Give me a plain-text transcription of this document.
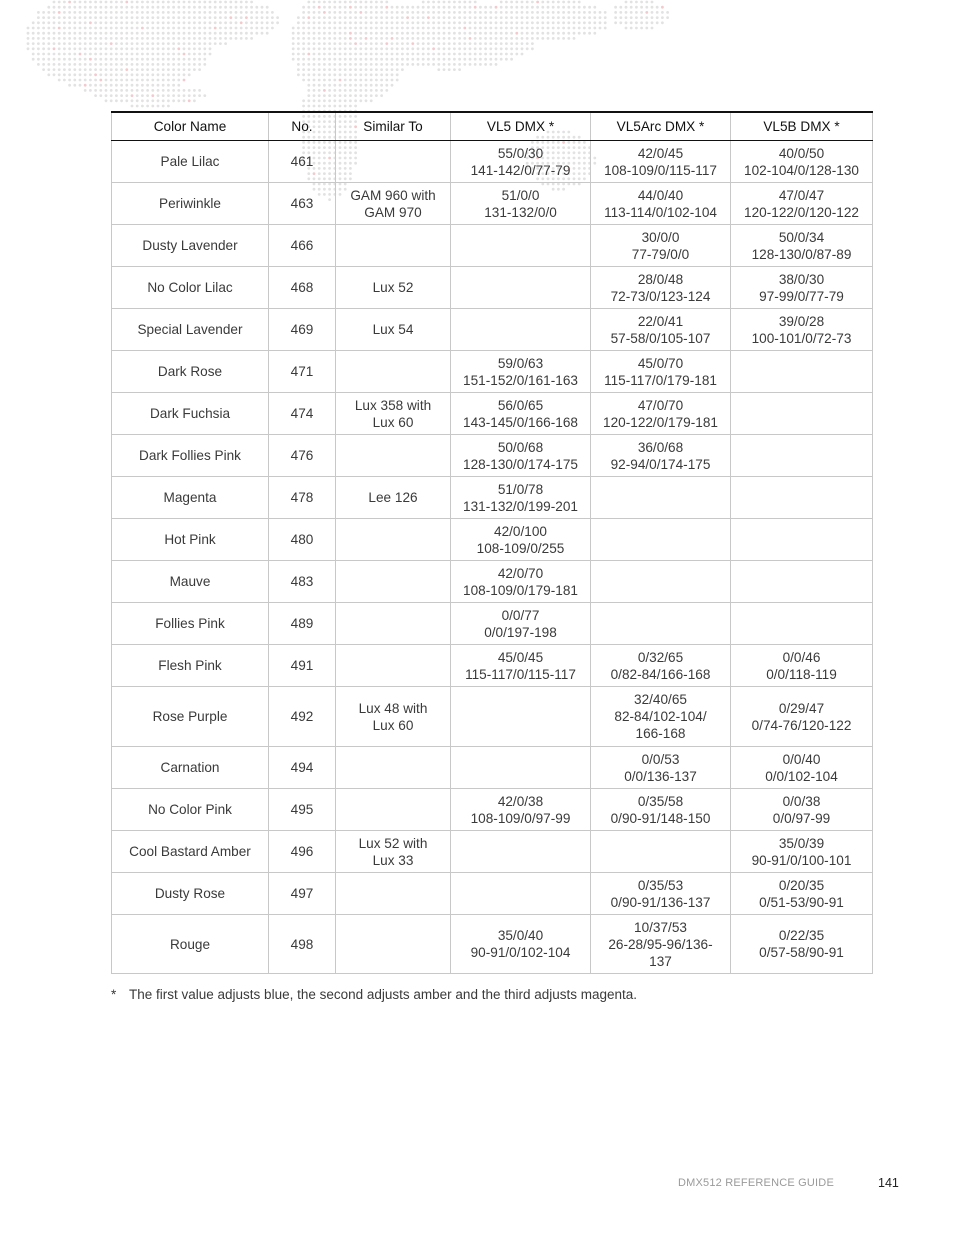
Color Name	No.	Similar To	VL5 DMX *	VL5Arc DMX *	VL5B DMX *
Pale Lilac	461		55/0/30
141-142/0/77-79	42/0/45
108-109/0/115-117	40/0/50
102-104/0/128-130

Periwinkle	463	GAM 960 with
GAM 970	51/0/0
131-132/0/0	44/0/40
113-114/0/102-104	47/0/47
120-122/0/120-122

Dusty Lavender	466			30/0/0
77-79/0/0	50/0/34
128-130/0/87-89

No Color Lilac	468	Lux 52		28/0/48
72-73/0/123-124	38/0/30
97-99/0/77-79

Special Lavender	469	Lux 54		22/0/41
57-58/0/105-107	39/0/28
100-101/0/72-73

Dark Rose	471		59/0/63
151-152/0/161-163	45/0/70
115-117/0/179-181	

Dark Fuchsia	474	Lux 358 with
Lux 60	56/0/65
143-145/0/166-168	47/0/70
120-122/0/179-181	

Dark Follies Pink	476		50/0/68
128-130/0/174-175	36/0/68
92-94/0/174-175	

Magenta	478	Lee 126	51/0/78
131-132/0/199-201		

Hot Pink	480		42/0/100
108-109/0/255		

Mauve	483		42/0/70
108-109/0/179-181		

Follies Pink	489		0/0/77
0/0/197-198		

Flesh Pink	491		45/0/45
115-117/0/115-117	0/32/65
0/82-84/166-168	0/0/46
0/0/118-119

Rose Purple	492	Lux 48 with
Lux 60		32/40/65
82-84/102-104/
166-168	0/29/47
0/74-76/120-122

Carnation	494			0/0/53
0/0/136-137	0/0/40
0/0/102-104

No Color Pink	495		42/0/38
108-109/0/97-99	0/35/58
0/90-91/148-150	0/0/38
0/0/97-99

Cool Bastard Amber	496	Lux 52 with
Lux 33			35/0/39
90-91/0/100-101

Dusty Rose	497			0/35/53
0/90-91/136-137	0/20/35
0/51-53/90-91

Rouge	498		35/0/40
90-91/0/102-104	10/37/53
26-28/95-96/136-
137	0/22/35
0/57-58/90-91
* The first value adjusts blue, the second adjusts amber and the third adjusts magenta.
DMX512 REFERENCE GUIDE	141
